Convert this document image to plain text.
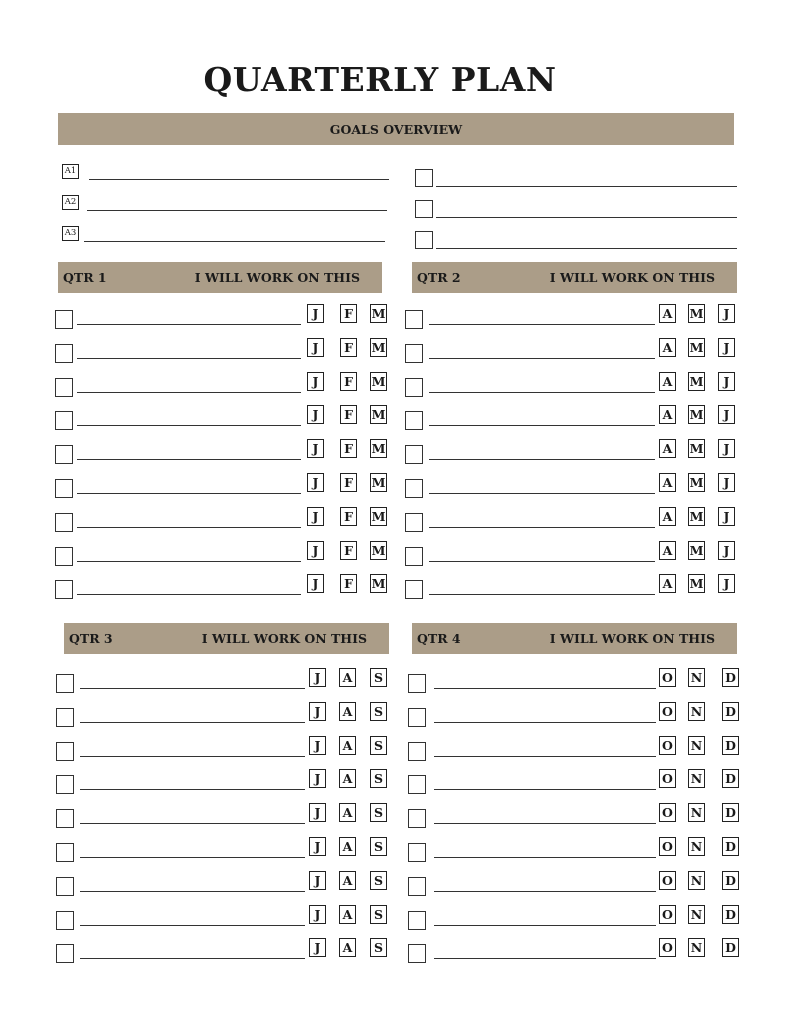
QUARTERLY PLAN
GOALS OVERVIEW
A1
A2
A3
QTR 1	I WILL WORK ON THIS	QTR 2	I WILL WORK ON THIS
QTR 3	I WILL WORK ON THIS	QTR 4	I WILL WORK ON THIS
J	F	M
J	F	M
J	F	M
J	F	M
J	F	M
J	F	M
J	F	M
J	F	M
J	F	M
A M	J
A M	J
A M	J
A M	J
A M	J
A M	J
A M	J
A M	J
A M	J
J	A	S
J	A	S
J	A	S
J	A	S
J	A	S
J	A	S
J	A	S
J	A	S
J	A	S
O N D
O N D
O N D
O N D
O N D
O N D
O N D
O N D
O N D
